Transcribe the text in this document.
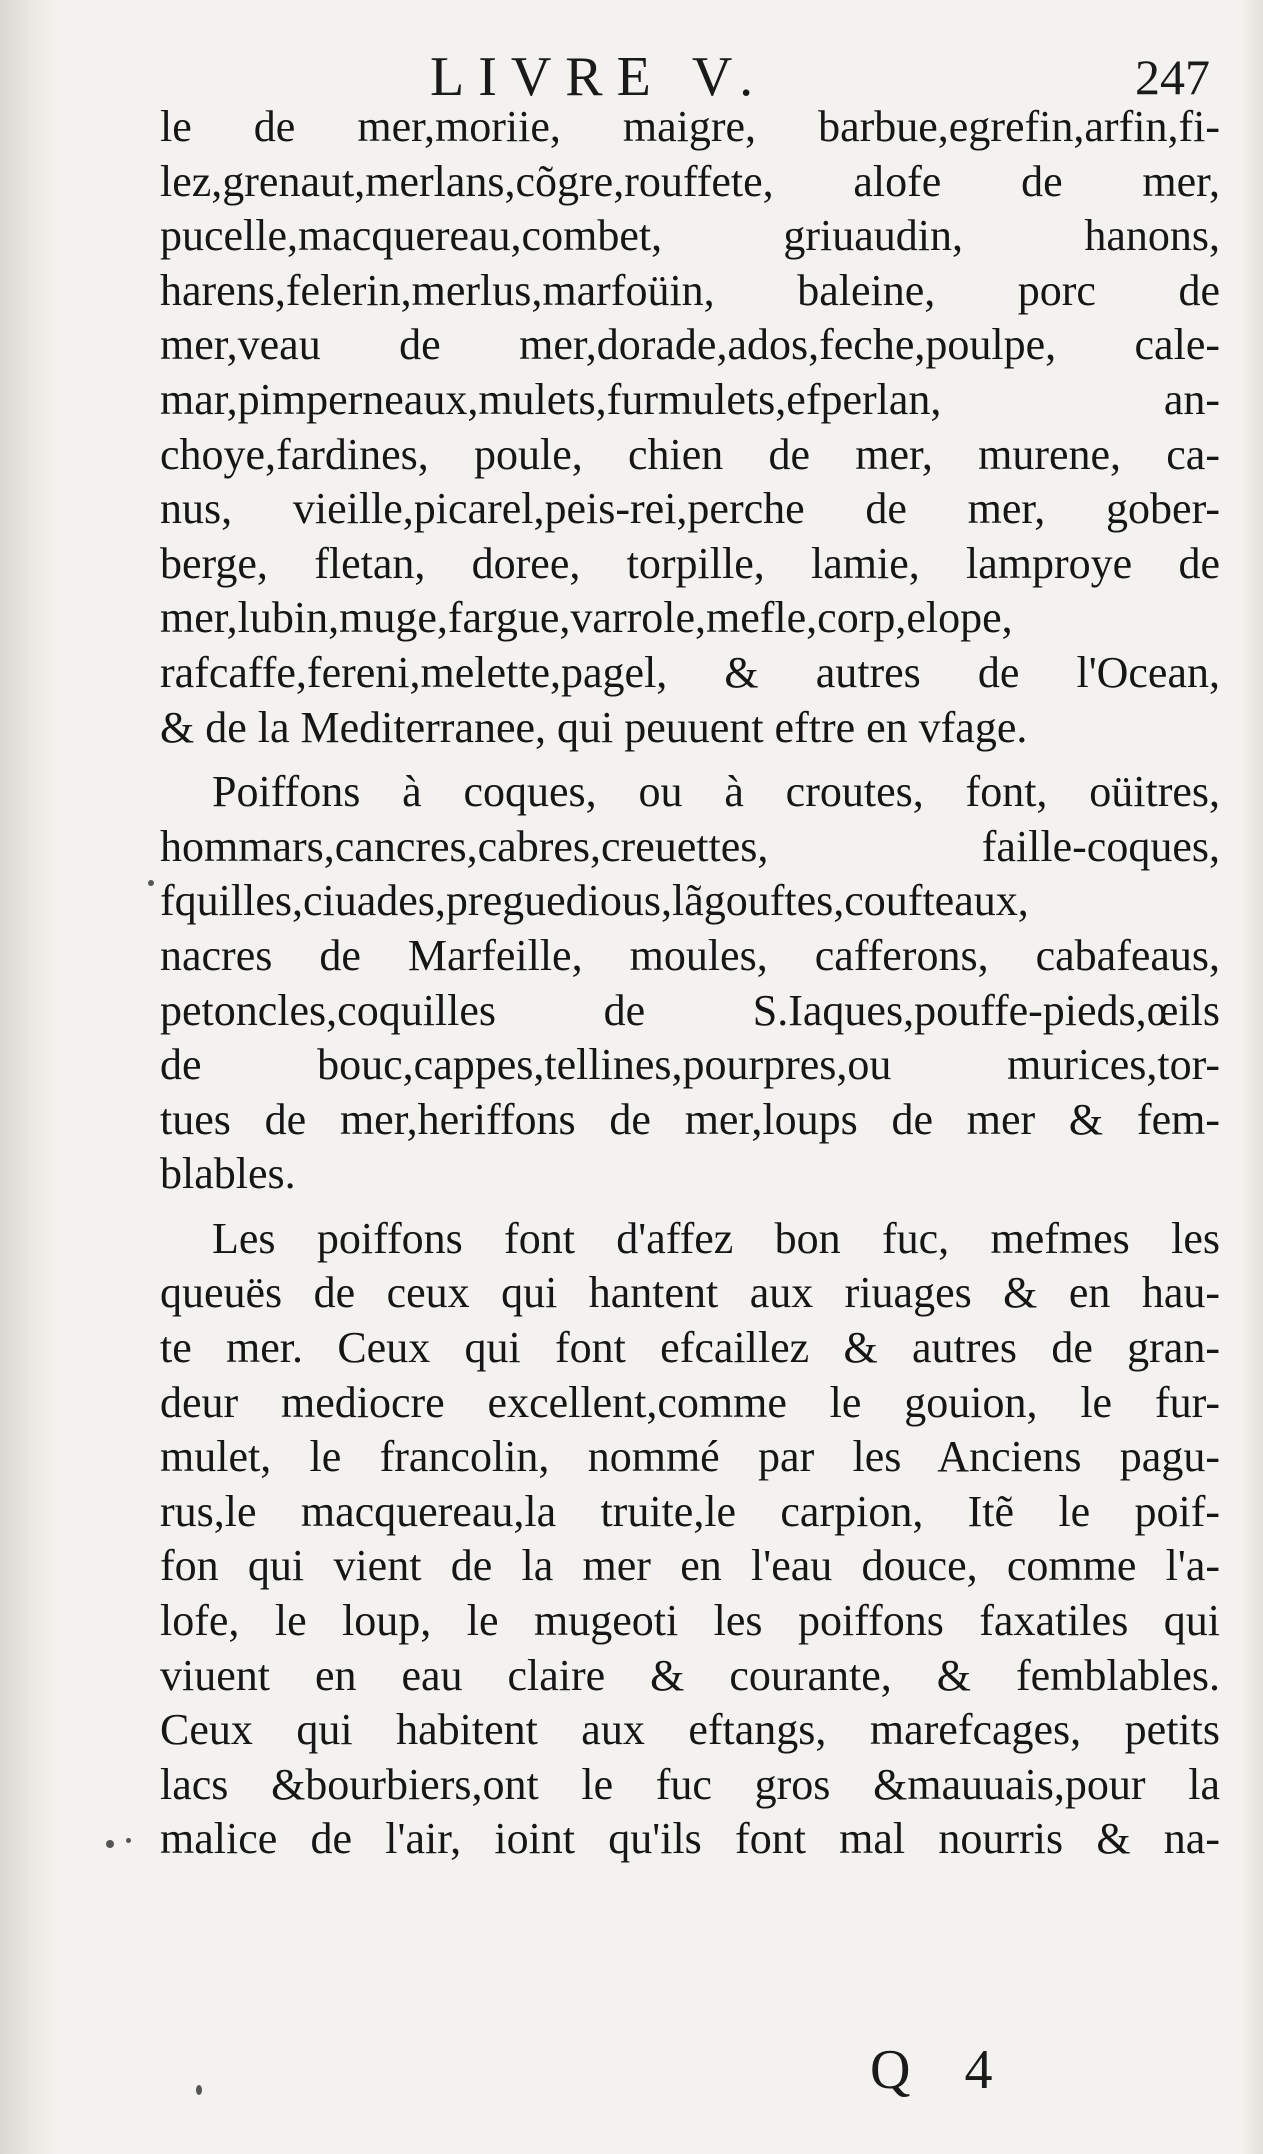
LIVRE V.	247
le de mer,moriie, maigre, barbue,egrefin,arfin,fi-
lez,grenaut,merlans,cõgre,rouffete, alofe de mer,
pucelle,macquereau,combet, griuaudin, hanons,
harens,felerin,merlus,marfoüin, baleine, porc de
mer,veau de mer,dorade,ados,feche,poulpe, cale-
mar,pimperneaux,mulets,furmulets,efperlan, an-
choye,fardines, poule, chien de mer, murene, ca-
nus, vieille,picarel,peis-rei,perche de mer, gober-
berge, fletan, doree, torpille, lamie, lamproye de
mer,lubin,muge,fargue,varrole,mefle,corp,elope,
rafcaffe,fereni,melette,pagel, & autres de l'Ocean,
& de la Mediterranee, qui peuuent eftre en vfage.
Poiffons à coques, ou à croutes, font, oüitres,
hommars,cancres,cabres,creuettes, faille-coques,
fquilles,ciuades,preguedious,lãgouftes,coufteaux,
nacres de Marfeille, moules, cafferons, cabafeaus,
petoncles,coquilles de S.Iaques,pouffe-pieds,œils
de bouc,cappes,tellines,pourpres,ou murices,tor-
tues de mer,heriffons de mer,loups de mer & fem-
blables.
Les poiffons font d'affez bon fuc, mefmes les
queuës de ceux qui hantent aux riuages & en hau-
te mer. Ceux qui font efcaillez & autres de gran-
deur mediocre excellent,comme le gouion, le fur-
mulet, le francolin, nommé par les Anciens pagu-
rus,le macquereau,la truite,le carpion, Itẽ le poif-
fon qui vient de la mer en l'eau douce, comme l'a-
lofe, le loup, le mugeoti les poiffons faxatiles qui
viuent en eau claire & courante, & femblables.
Ceux qui habitent aux eftangs, marefcages, petits
lacs &bourbiers,ont le fuc gros &mauuais,pour la
malice de l'air, ioint qu'ils font mal nourris & na-
Q 4
